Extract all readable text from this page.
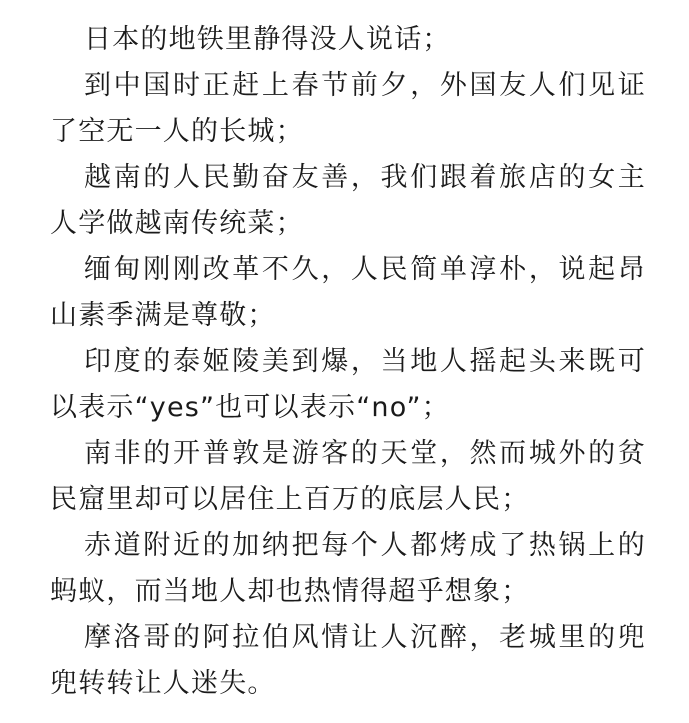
日本的地铁里静得没人说话；

到中国时正赶上春节前夕，外国友人们见证了空无一人的长城；

越南的人民勤奋友善，我们跟着旅店的女主人学做越南传统菜；

缅甸刚刚改革不久，人民简单淳朴，说起昂山素季满是尊敬；

印度的泰姬陵美到爆，当地人摇起头来既可以表示“yes”也可以表示“no”；

南非的开普敦是游客的天堂，然而城外的贫民窟里却可以居住上百万的底层人民；

赤道附近的加纳把每个人都烤成了热锅上的蚂蚁，而当地人却也热情得超乎想象；

摩洛哥的阿拉伯风情让人沉醉，老城里的兜兜转转让人迷失。
